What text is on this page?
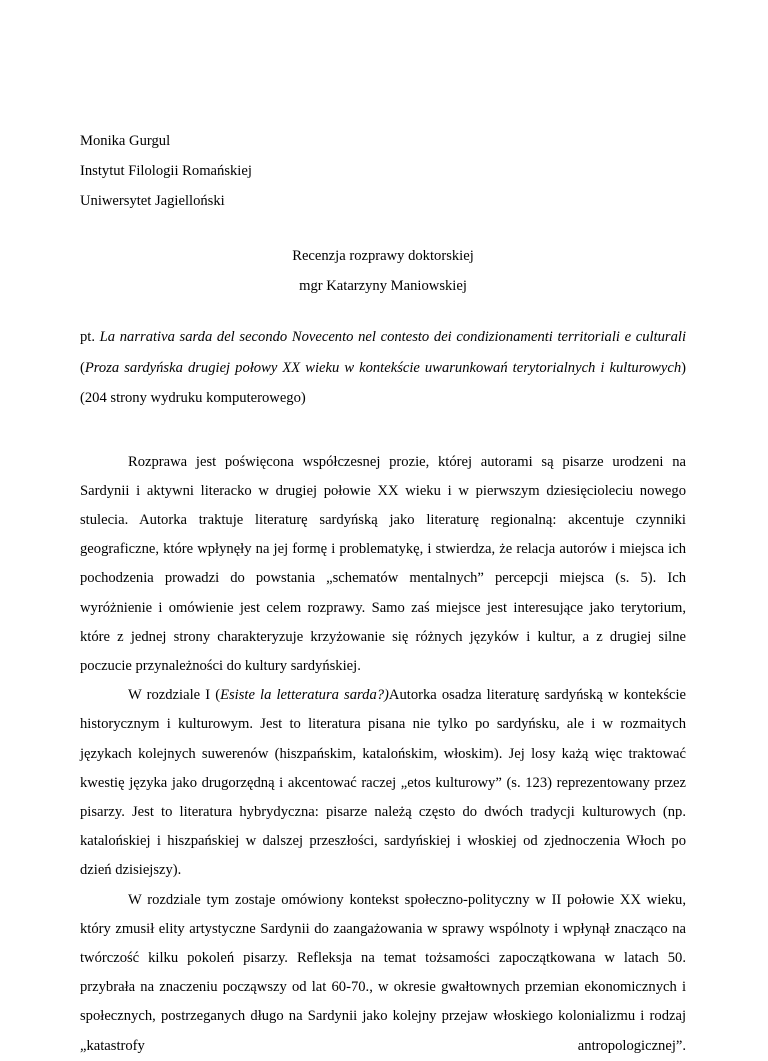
Monika Gurgul
Instytut Filologii Romańskiej
Uniwersytet Jagielloński
Recenzja rozprawy doktorskiej
mgr Katarzyny Maniowskiej
pt. La narrativa sarda del secondo Novecento nel contesto dei condizionamenti territoriali e culturali (Proza sardyńska drugiej połowy XX wieku w kontekście uwarunkowań terytorialnych i kulturowych) (204 strony wydruku komputerowego)

Rozprawa jest poświęcona współczesnej prozie, której autorami są pisarze urodzeni na Sardynii i aktywni literacko w drugiej połowie XX wieku i w pierwszym dziesięcioleciu nowego stulecia. Autorka traktuje literaturę sardyńską jako literaturę regionalną: akcentuje czynniki geograficzne, które wpłynęły na jej formę i problematykę, i stwierdza, że relacja autorów i miejsca ich pochodzenia prowadzi do powstania „schematów mentalnych” percepcji miejsca (s. 5). Ich wyróżnienie i omówienie jest celem rozprawy. Samo zaś miejsce jest interesujące jako terytorium, które z jednej strony charakteryzuje krzyżowanie się różnych języków i kultur, a z drugiej silne poczucie przynależności do kultury sardyńskiej.

W rozdziale I (Esiste la letteratura sarda?)Autorka osadza literaturę sardyńską w kontekście historycznym i kulturowym. Jest to literatura pisana nie tylko po sardyńsku, ale i w rozmaitych językach kolejnych suwerenów (hiszpańskim, katalońskim, włoskim). Jej losy każą więc traktować kwestię języka jako drugorzędną i akcentować raczej „etos kulturowy” (s. 123) reprezentowany przez pisarzy. Jest to literatura hybrydyczna: pisarze należą często do dwóch tradycji kulturowych (np. katalońskiej i hiszpańskiej w dalszej przeszłości, sardyńskiej i włoskiej od zjednoczenia Włoch po dzień dzisiejszy).

W rozdziale tym zostaje omówiony kontekst społeczno-polityczny w II połowie XX wieku, który zmusił elity artystyczne Sardynii do zaangażowania w sprawy wspólnoty i wpłynął znacząco na twórczość kilku pokoleń pisarzy. Refleksja na temat tożsamości zapoczątkowana w latach 50. przybrała na znaczeniu począwszy od lat 60-70., w okresie gwałtownych przemian ekonomicznych i społecznych, postrzeganych długo na Sardynii jako kolejny przejaw włoskiego kolonializmu i rodzaj „katastrofy antropologicznej”.
